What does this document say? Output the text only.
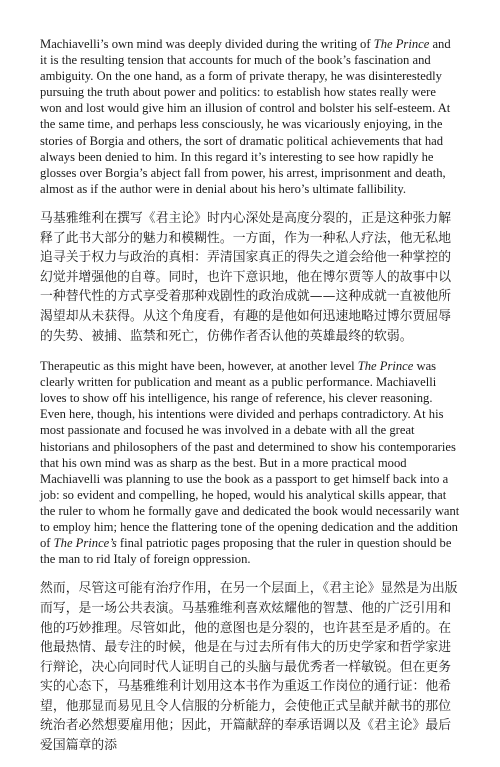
Machiavelli’s own mind was deeply divided during the writing of The Prince and it is the resulting tension that accounts for much of the book’s fascination and ambiguity. On the one hand, as a form of private therapy, he was disinterestedly pursuing the truth about power and politics: to establish how states really were won and lost would give him an illusion of control and bolster his self-esteem. At the same time, and perhaps less consciously, he was vicariously enjoying, in the stories of Borgia and others, the sort of dramatic political achievements that had always been denied to him. In this regard it’s interesting to see how rapidly he glosses over Borgia’s abject fall from power, his arrest, imprisonment and death, almost as if the author were in denial about his hero’s ultimate fallibility.

马基雅维利在撰写《君主论》时内心深处是高度分裂的，正是这种张力解释了此书大部分的魅力和模糊性。一方面，作为一种私人疗法，他无私地追寻关于权力与政治的真相：弄清国家真正的得失之道会给他一种掌控的幻觉并增强他的自尊。同时，也许下意识地，他在博尔贾等人的故事中以一种替代性的方式享受着那种戏剧性的政治成就——这种成就一直被他所渴望却从未获得。从这个角度看，有趣的是他如何迅速地略过博尔贾屈辱的失势、被捕、监禁和死亡，仿佛作者否认他的英雄最终的软弱。

Therapeutic as this might have been, however, at another level The Prince was clearly written for publication and meant as a public performance. Machiavelli loves to show off his intelligence, his range of reference, his clever reasoning. Even here, though, his intentions were divided and perhaps contradictory. At his most passionate and focused he was involved in a debate with all the great historians and philosophers of the past and determined to show his contemporaries that his own mind was as sharp as the best. But in a more practical mood Machiavelli was planning to use the book as a passport to get himself back into a job: so evident and compelling, he hoped, would his analytical skills appear, that the ruler to whom he formally gave and dedicated the book would necessarily want to employ him; hence the flattering tone of the opening dedication and the addition of The Prince’s final patriotic pages proposing that the ruler in question should be the man to rid Italy of foreign oppression.

然而，尽管这可能有治疗作用，在另一个层面上，《君主论》显然是为出版而写，是一场公共表演。马基雅维利喜欢炫耀他的智慧、他的广泛引用和他的巧妙推理。尽管如此，他的意图也是分裂的，也许甚至是矛盾的。在他最热情、最专注的时候，他是在与过去所有伟大的历史学家和哲学家进行辩论，决心向同时代人证明自己的头脑与最优秀者一样敏锐。但在更务实的心态下，马基雅维利计划用这本书作为重返工作岗位的通行证：他希望，他那显而易见且令人信服的分析能力，会使他正式呈献并献书的那位统治者必然想要雇用他；因此，开篇献辞的奉承语调以及《君主论》最后爱国篇章的添
